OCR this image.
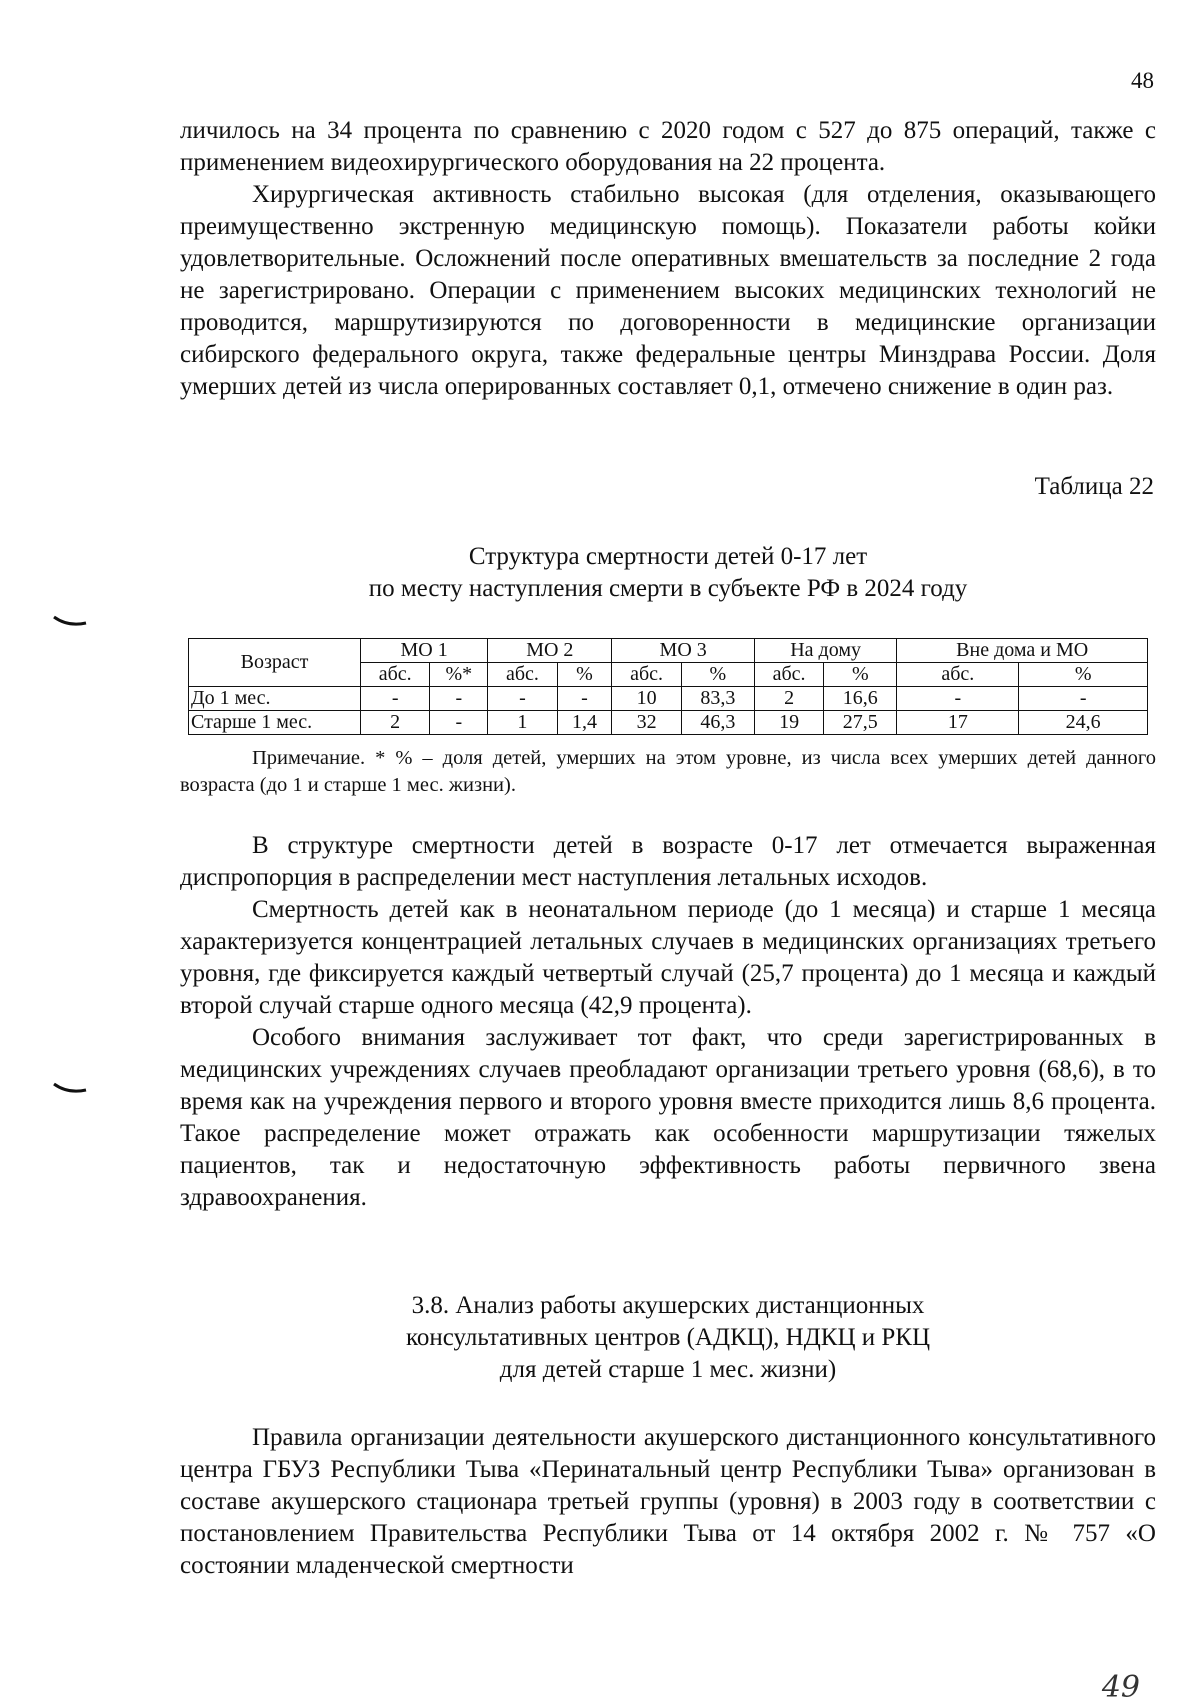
48

личилось на 34 процента по сравнению с 2020 годом с 527 до 875 операций, также с применением видеохирургического оборудования на 22 процента.

Хирургическая активность стабильно высокая (для отделения, оказывающего преимущественно экстренную медицинскую помощь). Показатели работы койки удовлетворительные. Осложнений после оперативных вмешательств за последние 2 года не зарегистрировано. Операции с применением высоких медицинских технологий не проводится, маршрутизируются по договоренности в медицинские организации сибирского федерального округа, также федеральные центры Минздрава России. Доля умерших детей из числа оперированных составляет 0,1, отмечено снижение в один раз.

Таблица 22
Структура смертности детей 0-17 лет
по месту наступления смерти в субъекте РФ в 2024 году
Возраст	МО 1		МО 2		МО 3		На дому		Вне дома и МО	
	абс.	%*	абс.	%	абс.	%	абс.	%	абс.	%
До 1 мес.	-	-	-	-	10	83,3	2	16,6	-	-
Старше 1 мес.	2	-	1	1,4	32	46,3	19	27,5	17	24,6

Примечание. * % – доля детей, умерших на этом уровне, из числа всех умерших детей данного возраста (до 1 и старше 1 мес. жизни).

В структуре смертности детей в возрасте 0-17 лет отмечается выраженная диспропорция в распределении мест наступления летальных исходов.

Смертность детей как в неонатальном периоде (до 1 месяца) и старше 1 месяца характеризуется концентрацией летальных случаев в медицинских организациях третьего уровня, где фиксируется каждый четвертый случай (25,7 процента) до 1 месяца и каждый второй случай старше одного месяца (42,9 процента).

Особого внимания заслуживает тот факт, что среди зарегистрированных в медицинских учреждениях случаев преобладают организации третьего уровня (68,6), в то время как на учреждения первого и второго уровня вместе приходится лишь 8,6 процента. Такое распределение может отражать как особенности маршрутизации тяжелых пациентов, так и недостаточную эффективность работы первичного звена здравоохранения.

3.8. Анализ работы акушерских дистанционных
консультативных центров (АДКЦ), НДКЦ и РКЦ
для детей старше 1 мес. жизни)

Правила организации деятельности акушерского дистанционного консультативного центра ГБУЗ Республики Тыва «Перинатальный центр Республики Тыва» организован в составе акушерского стационара третьей группы (уровня) в 2003 году в соответствии с постановлением Правительства Республики Тыва от 14 октября 2002 г. № 757 «О состоянии младенческой смертности

49
